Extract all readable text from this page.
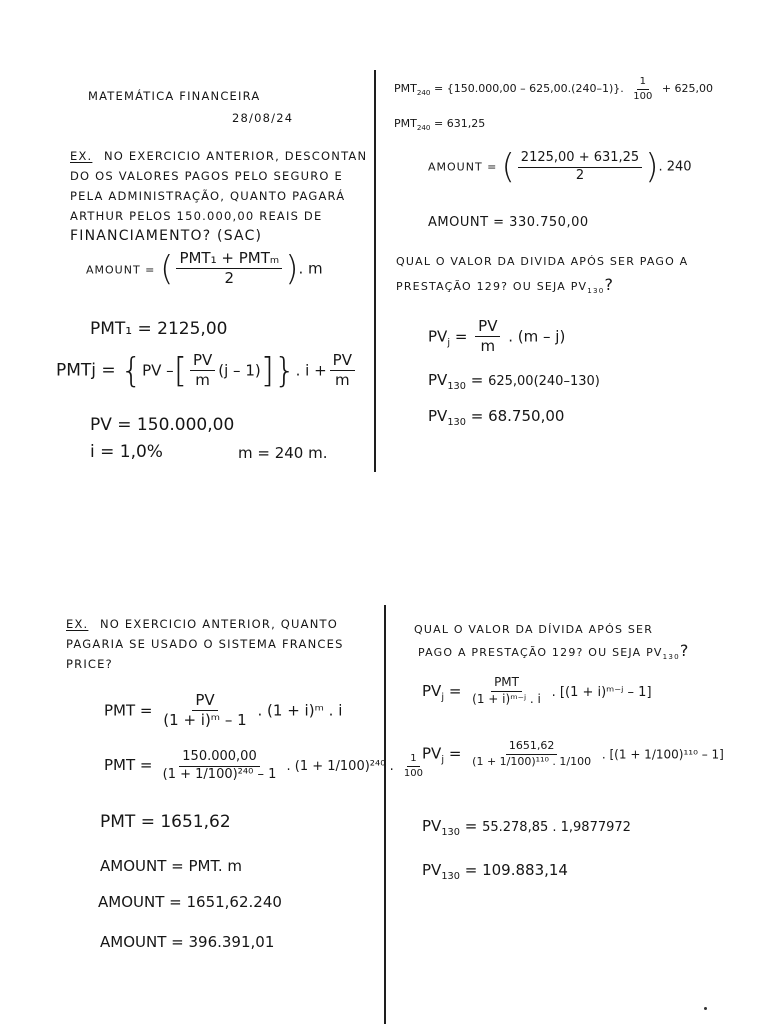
MATEMÁTICA FINANCEIRA
28/08/24
EX. NO EXERCICIO ANTERIOR, DESCONTAN
DO OS VALORES PAGOS PELO SEGURO E
PELA ADMINISTRAÇÃO, QUANTO PAGARÁ
ARTHUR PELOS 150.000,00 REAIS DE
FINANCIAMENTO? (SAC)
AMOUNT = ( $\frac{\text{PMT₁ + PMTₘ}}{2}$ ). m
PMT₁ = 2125,00
PMTj = {PV –[ $\frac{PV}{m} (j - 1)$]}. $i + \frac{PV}{m}$
PV = 150.000,00
i = 1,0%	m = 240 m.
$PMT_{240} = \{150.000,00 - 625,00.(240-1)\}$. $\frac{1}{100} + 625,00$
$PMT_{240} = 631,25$
AMOUNT = ( $\frac{2125,00 + 631,25}{2}$ ). 240
AMOUNT = 330.750,00
QUAL O VALOR DA DIVIDA APÓS SER PAGO A
PRESTAÇÃO 129? OU SEJA $PV_{130}$?
$PV_j = \frac{PV}{m}$ . (m – j)
$PV_{130} = 625,00(240-130)$
$PV_{130} = 68.750,00$
EX. NO EXERCICIO ANTERIOR, QUANTO
PAGARIA SE USADO O SISTEMA FRANCES
PRICE?
PMT = $\frac{PV}{\text{(1 + i)ᵐ – 1}}$ . (1 + i)ᵐ . i
PMT = $\frac{150.000,00}{\text{(1 + 1/100)²⁴⁰ – 1}}$ . (1 + 1/100)²⁴⁰ . $\frac{1}{100}$
PMT = 1651,62
AMOUNT = PMT. m
AMOUNT = 1651,62.240
AMOUNT = 396.391,01
QUAL O VALOR DA DÍVIDA APÓS SER
PAGO A PRESTAÇÃO 129? OU SEJA $PV_{130}$?
$PV_j = \frac{\text{PMT}}{\text{(1 + i)ᵐ⁻ʲ . i}}$ . [(1 + i)ᵐ⁻ʲ – 1]
$PV_j = \frac{1651,62}{\text{(1 + 1/100)¹¹⁰ . 1/100}}$ . [(1 + 1/100)¹¹⁰ – 1]
$PV_{130} = 55.278,85$ . 1,9877972
$PV_{130} = 109.883,14$
